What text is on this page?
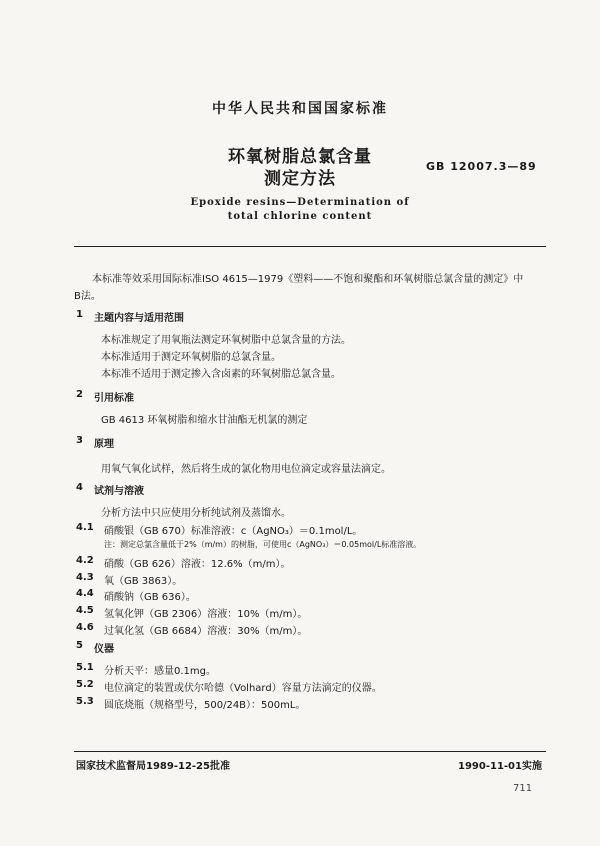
中华人民共和国国家标准
环氧树脂总氯含量
测定方法
GB 12007.3—89
Epoxide resins—Determination of
total chlorine content
本标准等效采用国际标准ISO 4615—1979《塑料——不饱和聚酯和环氧树脂总氯含量的测定》中
B法。
1 主题内容与适用范围
本标准规定了用氧瓶法测定环氧树脂中总氯含量的方法。
本标准适用于测定环氧树脂的总氯含量。
本标准不适用于测定掺入含卤素的环氧树脂总氯含量。
2 引用标准
GB 4613 环氧树脂和缩水甘油酯无机氯的测定
3 原理
用氧气氧化试样，然后将生成的氯化物用电位滴定或容量法滴定。
4 试剂与溶液
分析方法中只应使用分析纯试剂及蒸馏水。
4.1 硝酸银（GB 670）标准溶液：c（AgNO₃）＝0.1mol/L。
注：测定总氯含量低于2%（m/m）的树脂，可使用c（AgNO₃）＝0.05mol/L标准溶液。
4.2 硝酸（GB 626）溶液：12.6%（m/m）。
4.3 氧（GB 3863）。
4.4 硝酸钠（GB 636）。
4.5 氢氧化钾（GB 2306）溶液：10%（m/m）。
4.6 过氧化氢（GB 6684）溶液：30%（m/m）。
5 仪器
5.1 分析天平：感量0.1mg。
5.2 电位滴定的装置或伏尔哈德（Volhard）容量方法滴定的仪器。
5.3 圆底烧瓶（规格型号，500/24B）：500mL。
国家技术监督局1989-12-25批准	1990-11-01实施
711
